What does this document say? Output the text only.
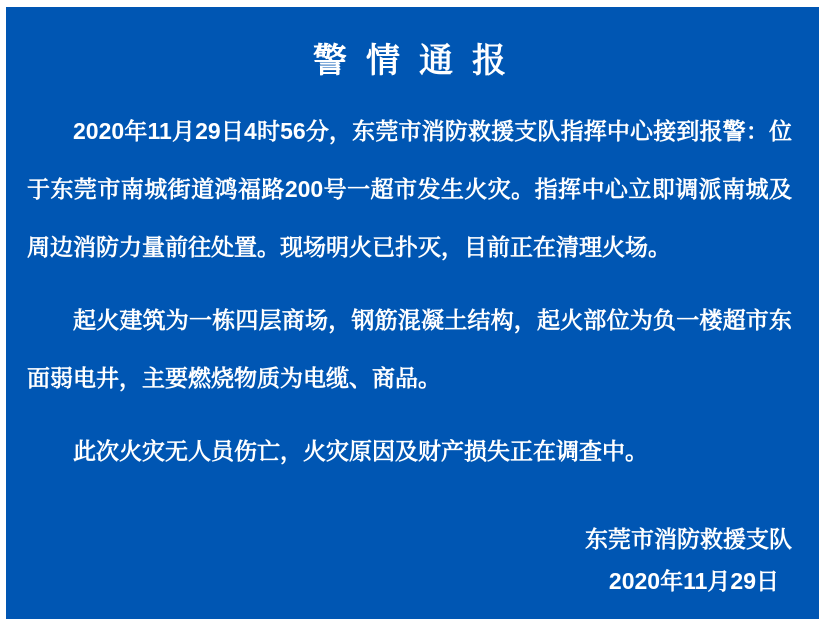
警情通报

2020年11月29日4时56分，东莞市消防救援支队指挥中心接到报警：位于东莞市南城街道鸿福路200号一超市发生火灾。指挥中心立即调派南城及周边消防力量前往处置。现场明火已扑灭，目前正在清理火场。

起火建筑为一栋四层商场，钢筋混凝土结构，起火部位为负一楼超市东面弱电井，主要燃烧物质为电缆、商品。

此次火灾无人员伤亡，火灾原因及财产损失正在调查中。

东莞市消防救援支队
2020年11月29日
